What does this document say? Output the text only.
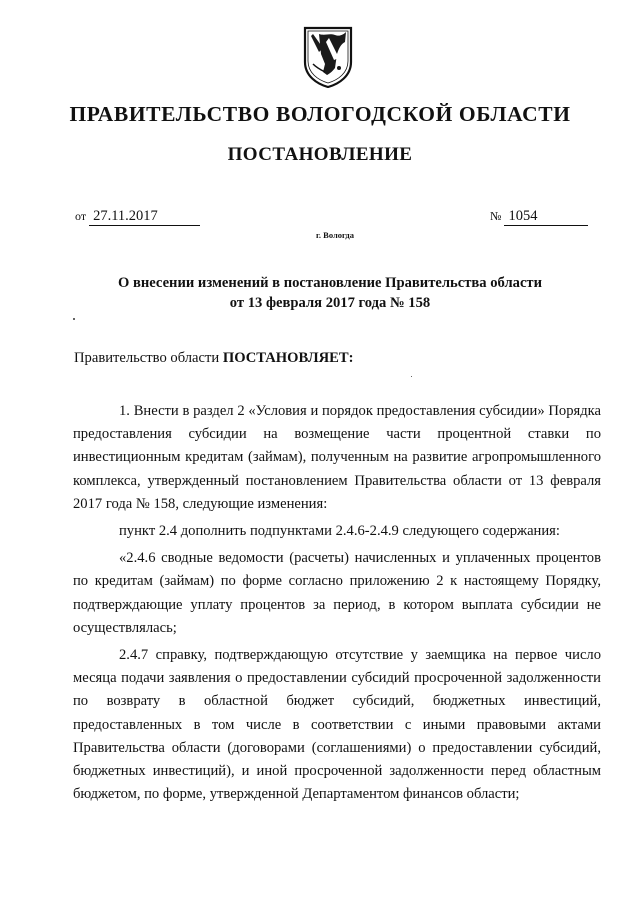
ПРАВИТЕЛЬСТВО ВОЛОГОДСКОЙ ОБЛАСТИ
ПОСТАНОВЛЕНИЕ
от 27.11.2017	№ 1054
г. Вологда
О внесении изменений в постановление Правительства области
от 13 февраля 2017 года № 158
Правительство области ПОСТАНОВЛЯЕТ:

1. Внести в раздел 2 «Условия и порядок предоставления субсидии» Порядка предоставления субсидии на возмещение части процентной ставки по инвестиционным кредитам (займам), полученным на развитие агропромышленного комплекса, утвержденный постановлением Правительства области от 13 февраля 2017 года № 158, следующие изменения:

пункт 2.4 дополнить подпунктами 2.4.6-2.4.9 следующего содержания:

«2.4.6 сводные ведомости (расчеты) начисленных и уплаченных процентов по кредитам (займам) по форме согласно приложению 2 к настоящему Порядку, подтверждающие уплату процентов за период, в котором выплата субсидии не осуществлялась;

2.4.7 справку, подтверждающую отсутствие у заемщика на первое число месяца подачи заявления о предоставлении субсидий просроченной задолженности по возврату в областной бюджет субсидий, бюджетных инвестиций, предоставленных в том числе в соответствии с иными правовыми актами Правительства области (договорами (соглашениями) о предоставлении субсидий, бюджетных инвестиций), и иной просроченной задолженности перед областным бюджетом, по форме, утвержденной Департаментом финансов области;
